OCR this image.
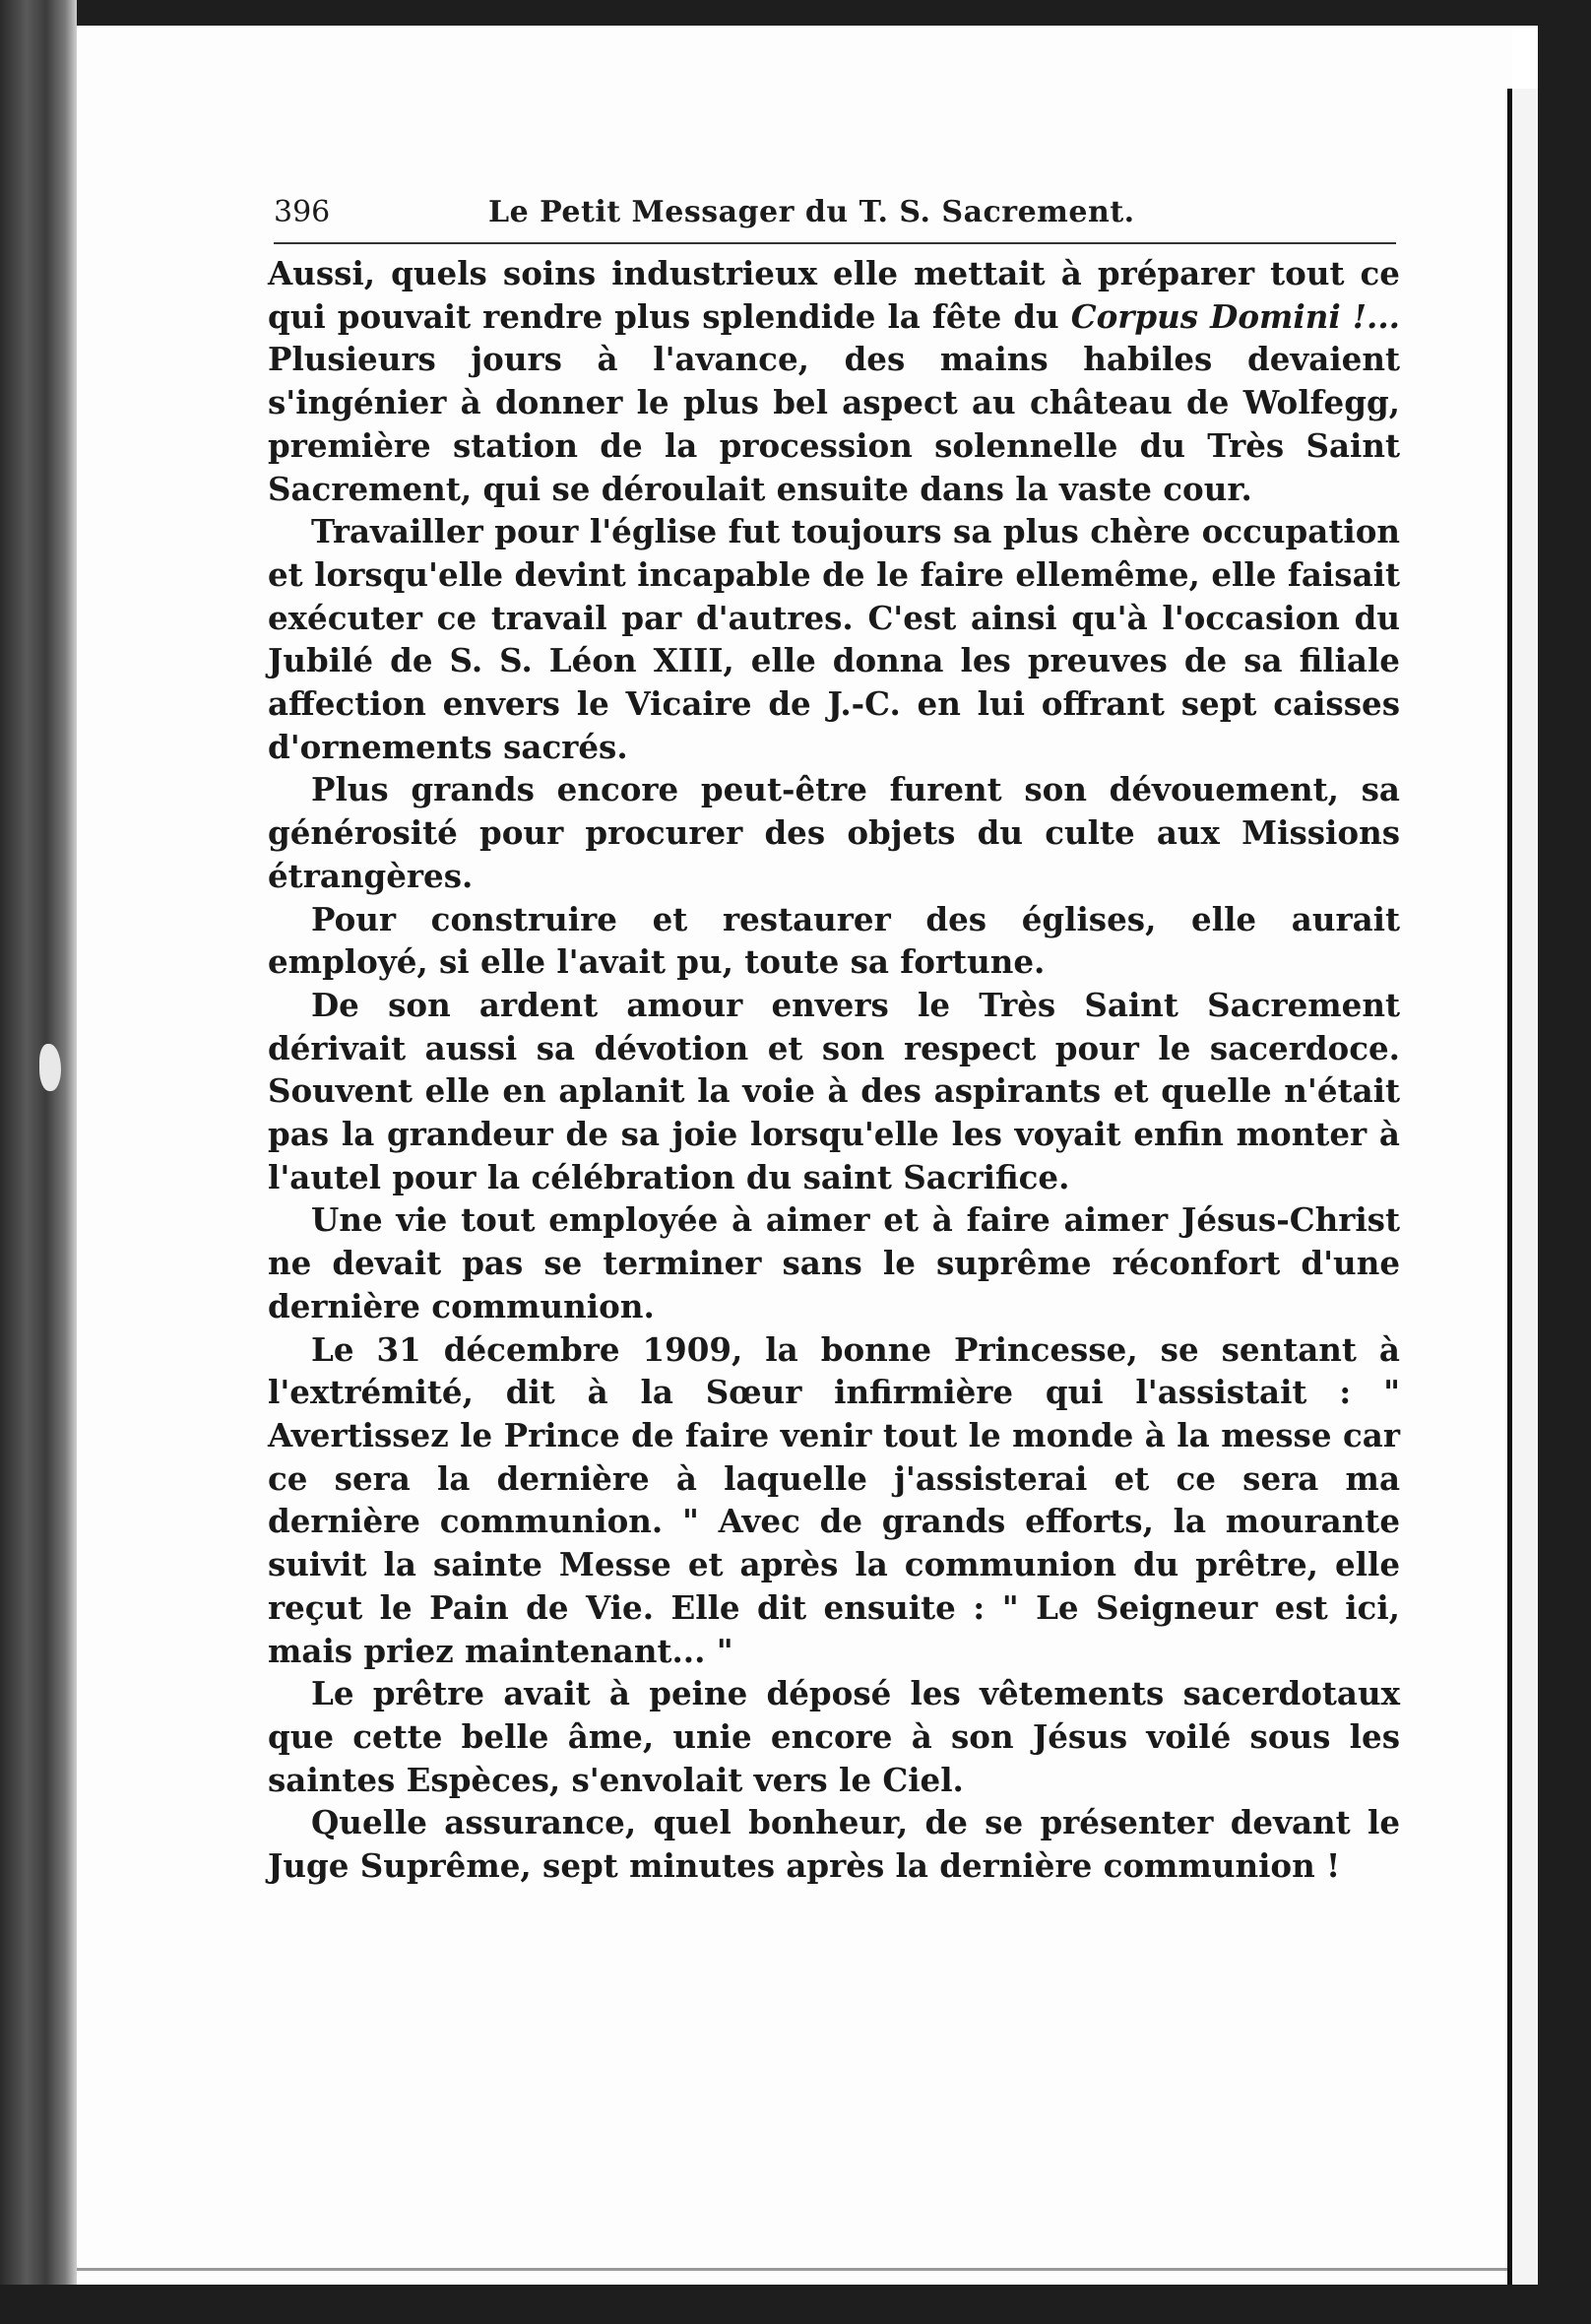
396	Le Petit Messager du T. S. Sacrement.

Aussi, quels soins industrieux elle mettait à préparer tout ce qui pouvait rendre plus splendide la fête du Corpus Domini !... Plusieurs jours à l'avance, des mains habiles devaient s'ingénier à donner le plus bel aspect au château de Wolfegg, première station de la procession solennelle du Très Saint Sacrement, qui se déroulait ensuite dans la vaste cour.

Travailler pour l'église fut toujours sa plus chère occupation et lorsqu'elle devint incapable de le faire ellemême, elle faisait exécuter ce travail par d'autres. C'est ainsi qu'à l'occasion du Jubilé de S. S. Léon XIII, elle donna les preuves de sa filiale affection envers le Vicaire de J.-C. en lui offrant sept caisses d'ornements sacrés.

Plus grands encore peut-être furent son dévouement, sa générosité pour procurer des objets du culte aux Missions étrangères.

Pour construire et restaurer des églises, elle aurait employé, si elle l'avait pu, toute sa fortune.

De son ardent amour envers le Très Saint Sacrement dérivait aussi sa dévotion et son respect pour le sacerdoce. Souvent elle en aplanit la voie à des aspirants et quelle n'était pas la grandeur de sa joie lorsqu'elle les voyait enfin monter à l'autel pour la célébration du saint Sacrifice.

Une vie tout employée à aimer et à faire aimer Jésus-Christ ne devait pas se terminer sans le suprême réconfort d'une dernière communion.

Le 31 décembre 1909, la bonne Princesse, se sentant à l'extrémité, dit à la Sœur infirmière qui l'assistait : " Avertissez le Prince de faire venir tout le monde à la messe car ce sera la dernière à laquelle j'assisterai et ce sera ma dernière communion. " Avec de grands efforts, la mourante suivit la sainte Messe et après la communion du prêtre, elle reçut le Pain de Vie. Elle dit ensuite : " Le Seigneur est ici, mais priez maintenant... "

Le prêtre avait à peine déposé les vêtements sacerdotaux que cette belle âme, unie encore à son Jésus voilé sous les saintes Espèces, s'envolait vers le Ciel.

Quelle assurance, quel bonheur, de se présenter devant le Juge Suprême, sept minutes après la dernière communion !
